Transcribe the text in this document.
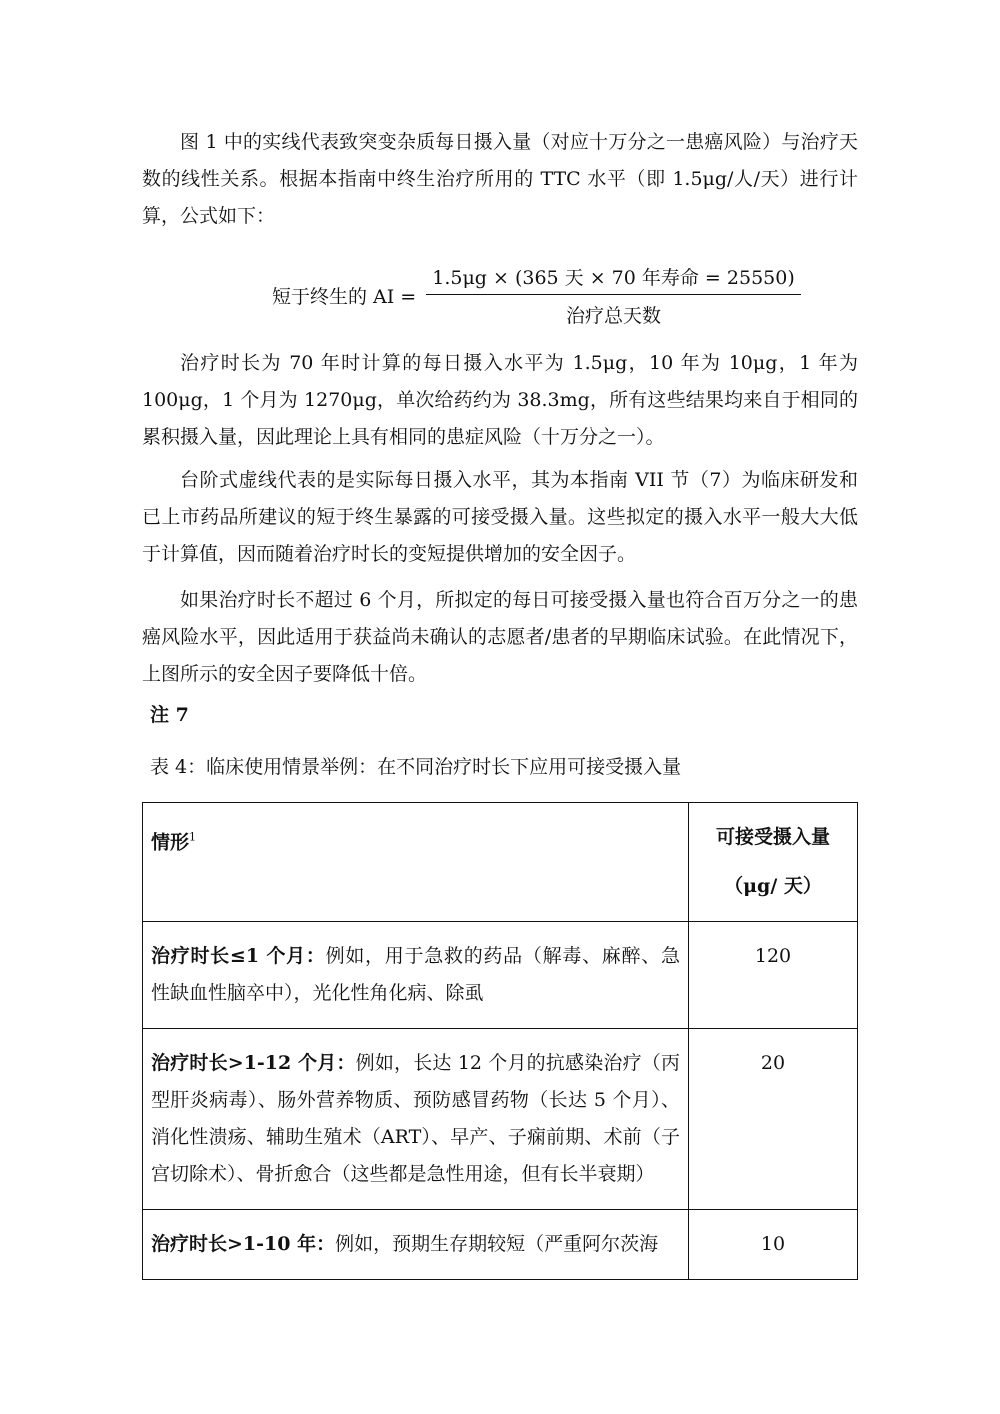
图 1 中的实线代表致突变杂质每日摄入量（对应十万分之一患癌风险）与治疗天数的线性关系。根据本指南中终生治疗所用的 TTC 水平（即 1.5μg/人/天）进行计算，公式如下：

短于终生的 AI = $\frac{\text{1.5μg × (365 天 × 70 年寿命 = 25550)}}{\text{治疗总天数}}$

治疗时长为 70 年时计算的每日摄入水平为 1.5μg，10 年为 10μg，1 年为 100μg，1 个月为 1270μg，单次给药约为 38.3mg，所有这些结果均来自于相同的累积摄入量，因此理论上具有相同的患症风险（十万分之一）。

台阶式虚线代表的是实际每日摄入水平，其为本指南 VII 节（7）为临床研发和已上市药品所建议的短于终生暴露的可接受摄入量。这些拟定的摄入水平一般大大低于计算值，因而随着治疗时长的变短提供增加的安全因子。

如果治疗时长不超过 6 个月，所拟定的每日可接受摄入量也符合百万分之一的患癌风险水平，因此适用于获益尚未确认的志愿者/患者的早期临床试验。在此情况下，上图所示的安全因子要降低十倍。

注 7
表 4：临床使用情景举例：在不同治疗时长下应用可接受摄入量
情形$^1$	可接受摄入量
（μg/ 天）

治疗时长≤1 个月：例如，用于急救的药品（解毒、麻醉、急性缺血性脑卒中），光化性角化病、除虱	120
治疗时长>1-12 个月：例如，长达 12 个月的抗感染治疗（丙型肝炎病毒）、肠外营养物质、预防感冒药物（长达 5 个月）、消化性溃疡、辅助生殖术（ART）、早产、子痫前期、术前（子宫切除术）、骨折愈合（这些都是急性用途，但有长半衰期）	20
治疗时长>1-10 年：例如，预期生存期较短（严重阿尔茨海	10
